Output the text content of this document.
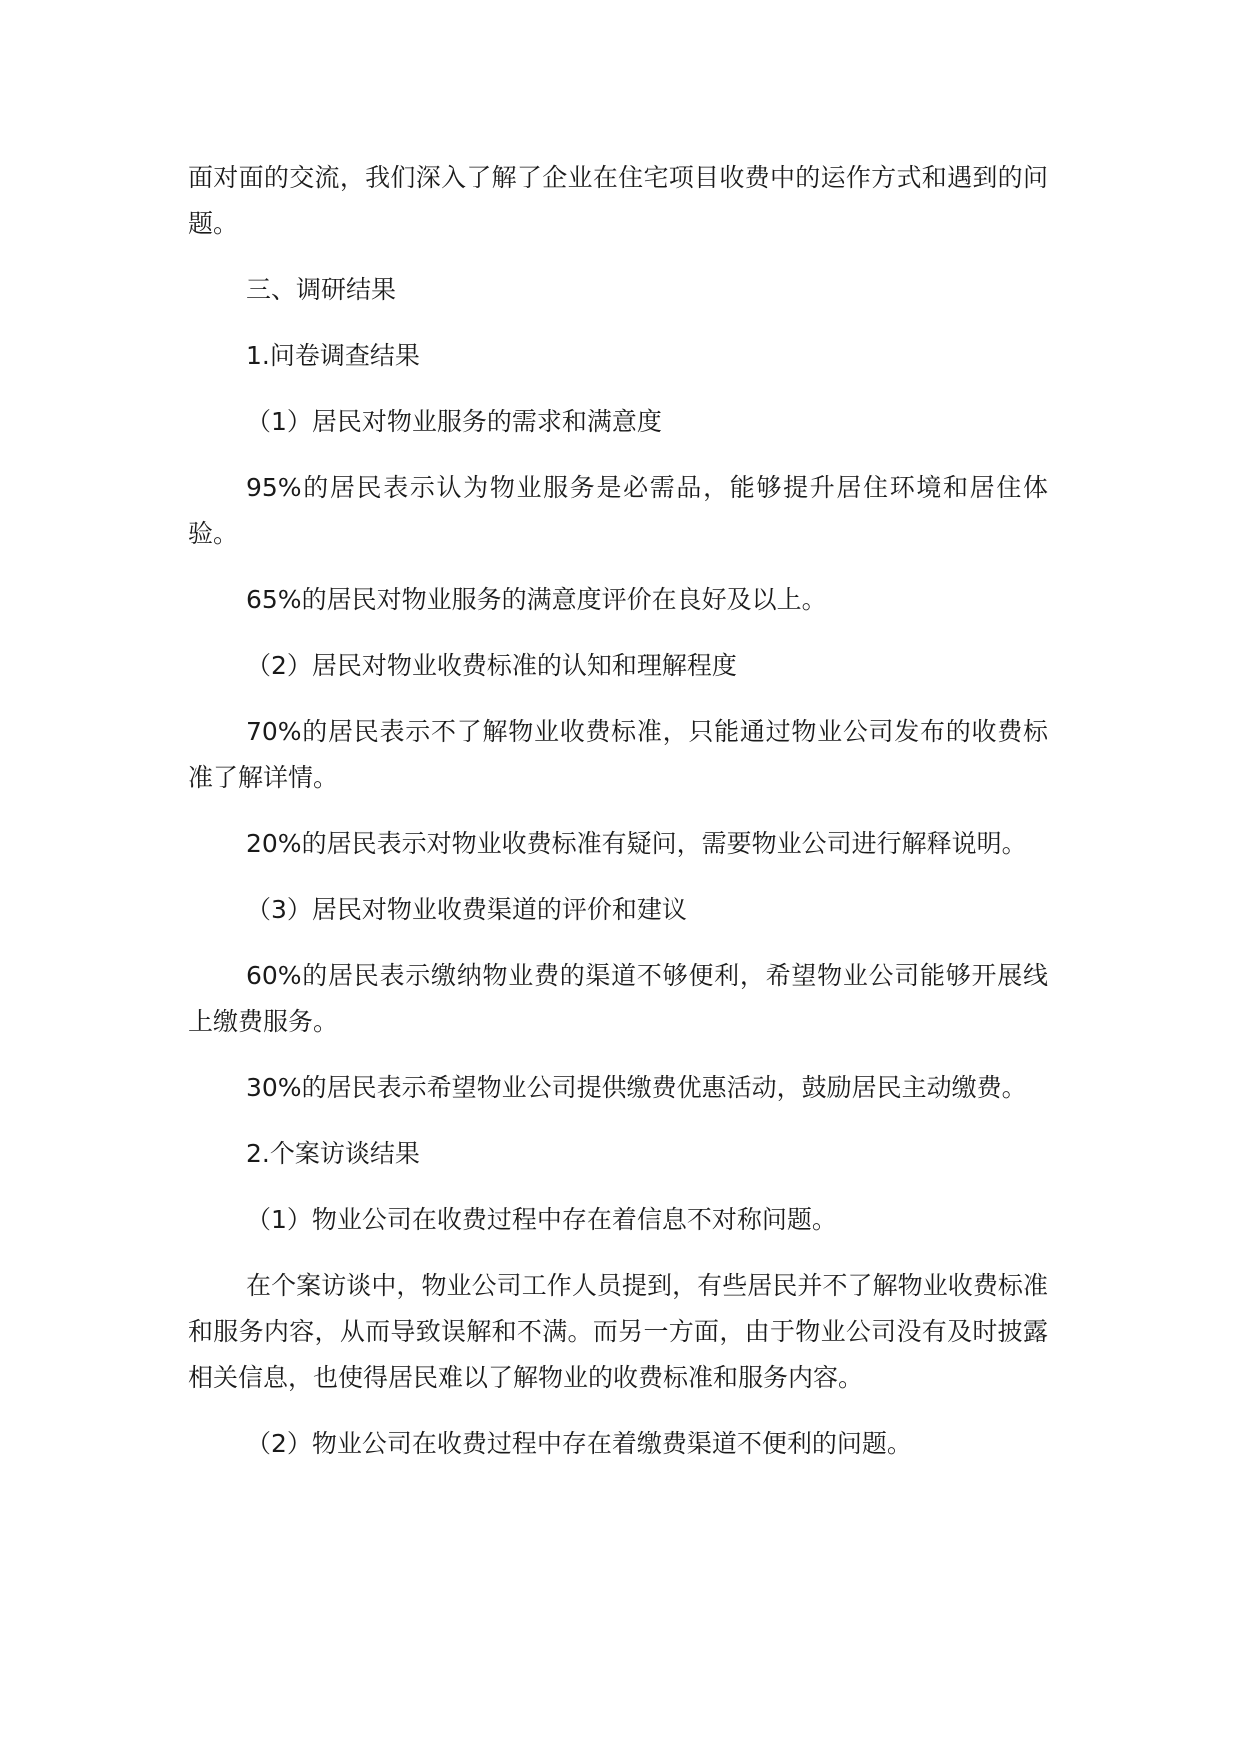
面对面的交流，我们深入了解了企业在住宅项目收费中的运作方式和遇到的问题。

三、调研结果

1.问卷调查结果

（1）居民对物业服务的需求和满意度

95%的居民表示认为物业服务是必需品，能够提升居住环境和居住体验。

65%的居民对物业服务的满意度评价在良好及以上。

（2）居民对物业收费标准的认知和理解程度

70%的居民表示不了解物业收费标准，只能通过物业公司发布的收费标准了解详情。

20%的居民表示对物业收费标准有疑问，需要物业公司进行解释说明。

（3）居民对物业收费渠道的评价和建议

60%的居民表示缴纳物业费的渠道不够便利，希望物业公司能够开展线上缴费服务。

30%的居民表示希望物业公司提供缴费优惠活动，鼓励居民主动缴费。

2.个案访谈结果

（1）物业公司在收费过程中存在着信息不对称问题。

在个案访谈中，物业公司工作人员提到，有些居民并不了解物业收费标准和服务内容，从而导致误解和不满。而另一方面，由于物业公司没有及时披露相关信息，也使得居民难以了解物业的收费标准和服务内容。

（2）物业公司在收费过程中存在着缴费渠道不便利的问题。
